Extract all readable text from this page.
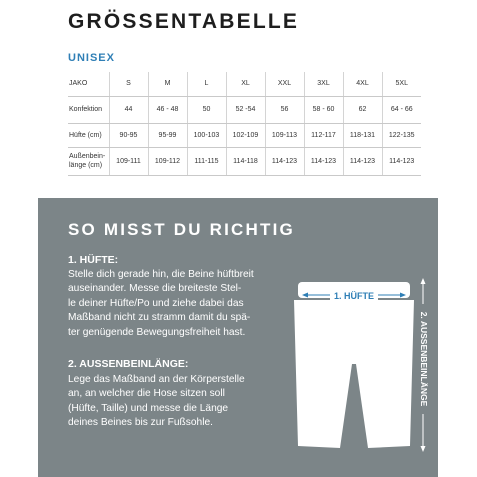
GRÖSSENTABELLE
UNISEX
JAKO	S	M	L	XL	XXL	3XL	4XL	5XL
Konfektion	44	46 - 48	50	52 -54	56	58 - 60	62	64 - 66
Hüfte (cm)	90-95	95-99	100-103	102-109	109-113	112-117	118-131	122-135
Außenbein-
länge (cm)	109-111	109-112	111-115	114-118	114-123	114-123	114-123	114-123
SO MISST DU RICHTIG
1. HÜFTE:
Stelle dich gerade hin, die Beine hüftbreit
auseinander. Messe die breiteste Stel-
le deiner Hüfte/Po und ziehe dabei das
Maßband nicht zu stramm damit du spä-
ter genügende Bewegungsfreiheit hast.
2. AUSSENBEINLÄNGE:
Lege das Maßband an der Körperstelle
an, an welcher die Hose sitzen soll
(Hüfte, Taille) und messe die Länge
deines Beines bis zur Fußsohle.
1. HÜFTE
2. AUSSENBEINLÄNGE
